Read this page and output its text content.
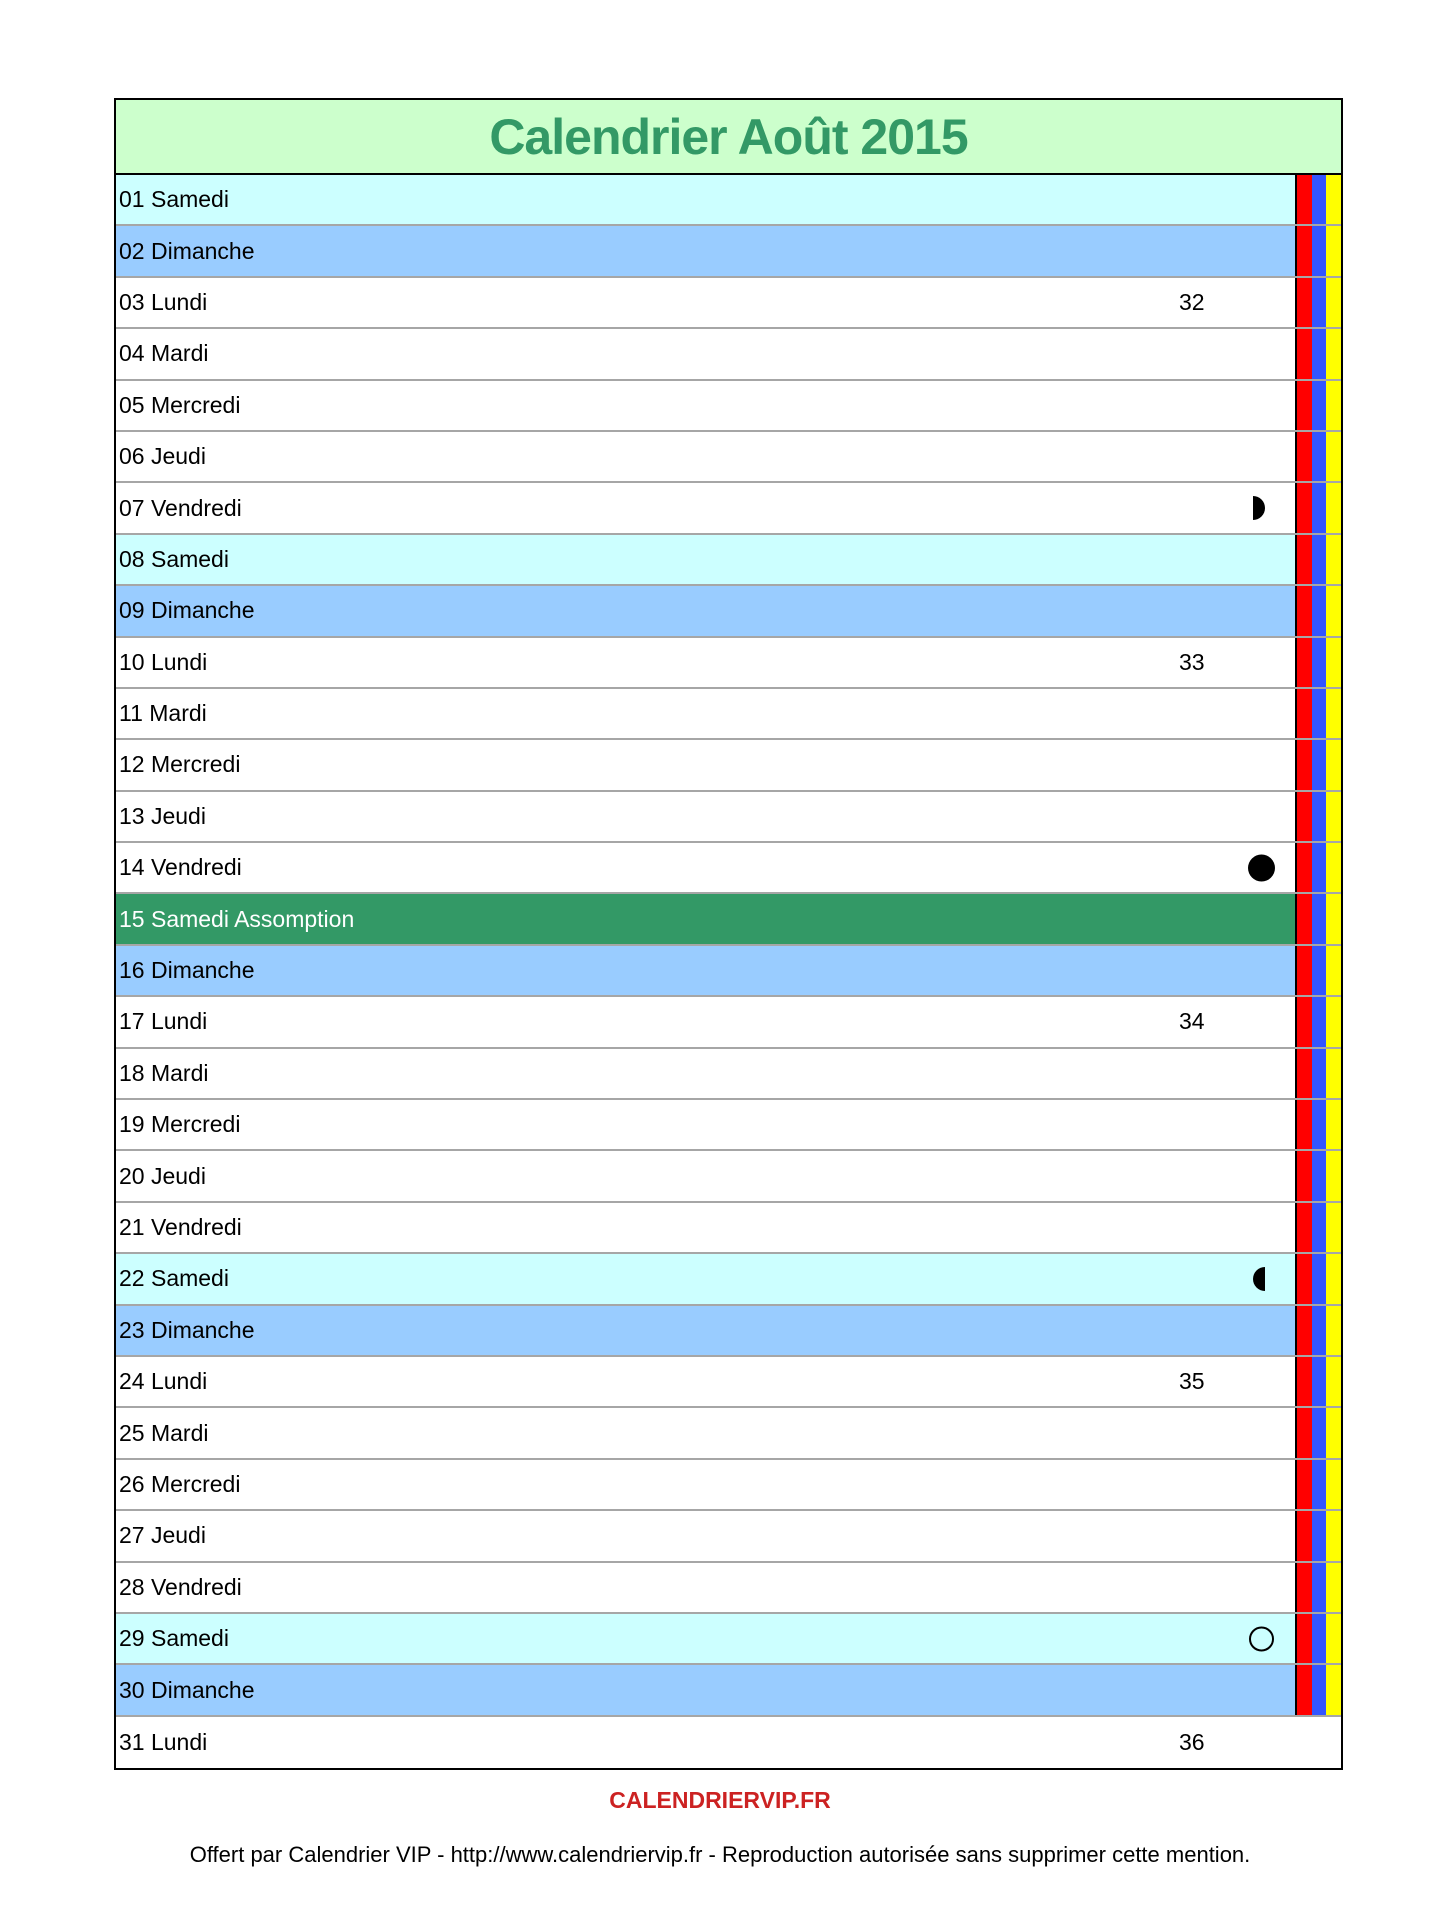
Calendrier Août 2015
01 Samedi
02 Dimanche
03 Lundi	32
04 Mardi
05 Mercredi
06 Jeudi
07 Vendredi
08 Samedi
09 Dimanche
10 Lundi	33
11 Mardi
12 Mercredi
13 Jeudi
14 Vendredi
15 Samedi Assomption
16 Dimanche
17 Lundi	34
18 Mardi
19 Mercredi
20 Jeudi
21 Vendredi
22 Samedi
23 Dimanche
24 Lundi	35
25 Mardi
26 Mercredi
27 Jeudi
28 Vendredi
29 Samedi
30 Dimanche
31 Lundi	36
CALENDRIERVIP.FR
Offert par Calendrier VIP - http://www.calendriervip.fr - Reproduction autorisée sans supprimer cette mention.
